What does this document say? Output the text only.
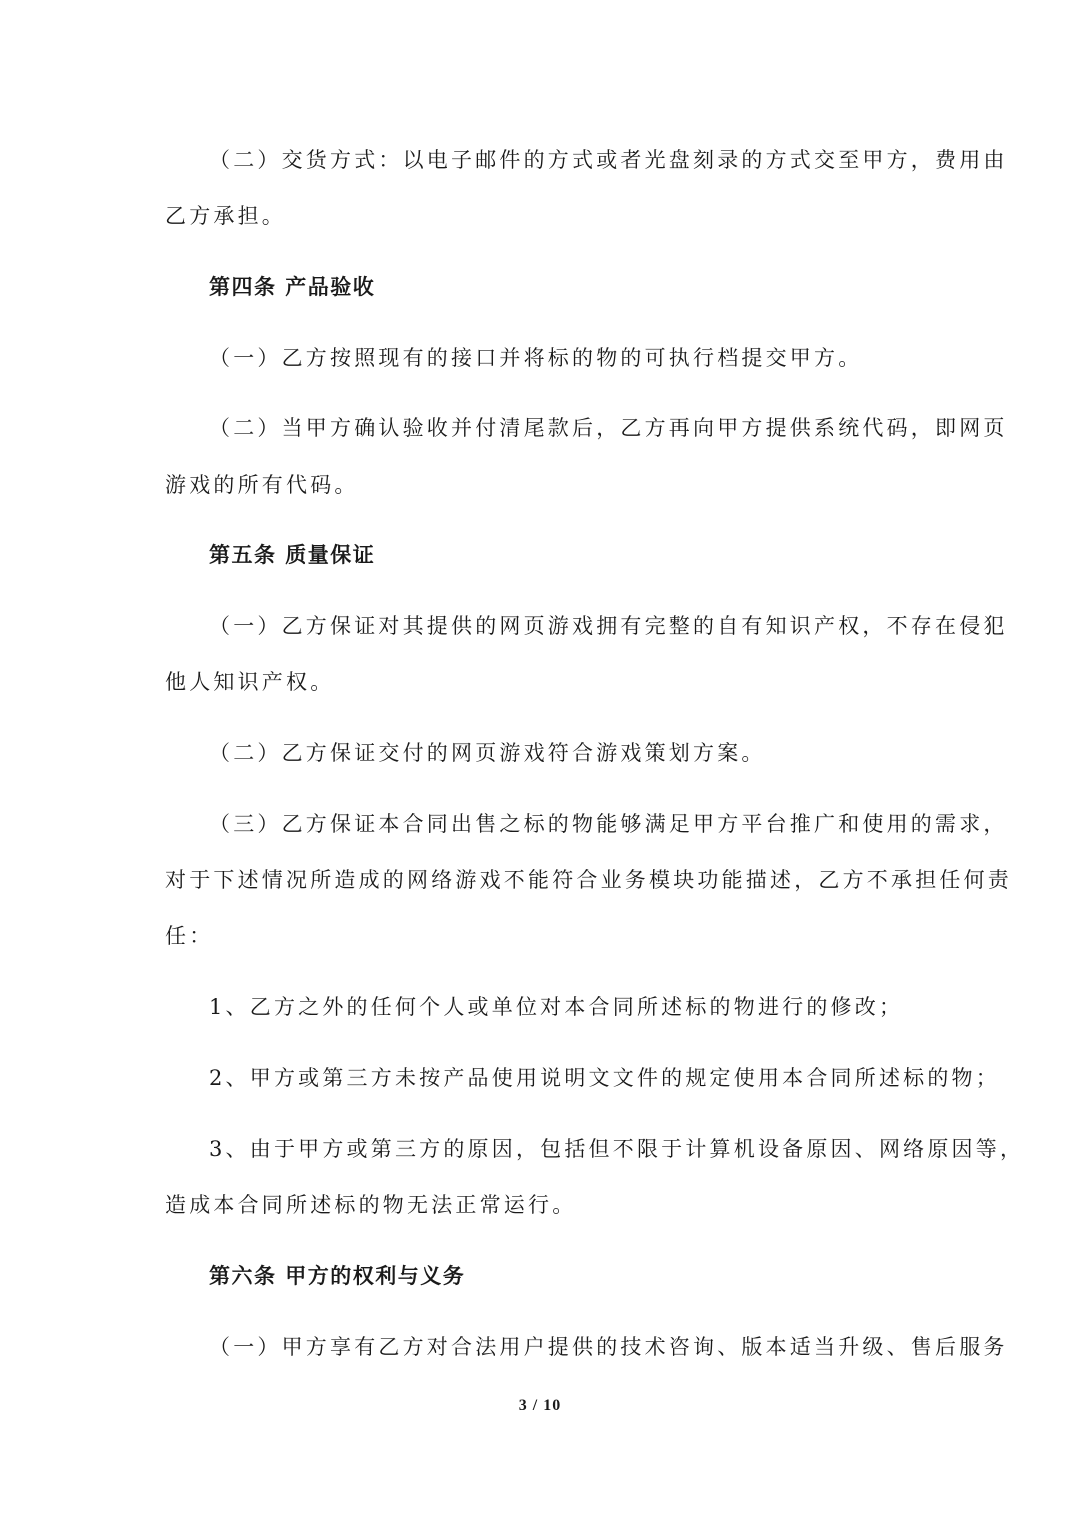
（二）交货方式：以电子邮件的方式或者光盘刻录的方式交至甲方，费用由
乙方承担。
第四条 产品验收
（一）乙方按照现有的接口并将标的物的可执行档提交甲方。
（二）当甲方确认验收并付清尾款后，乙方再向甲方提供系统代码，即网页
游戏的所有代码。
第五条 质量保证
（一）乙方保证对其提供的网页游戏拥有完整的自有知识产权，不存在侵犯
他人知识产权。
（二）乙方保证交付的网页游戏符合游戏策划方案。
（三）乙方保证本合同出售之标的物能够满足甲方平台推广和使用的需求，
对于下述情况所造成的网络游戏不能符合业务模块功能描述，乙方不承担任何责
任：
1、乙方之外的任何个人或单位对本合同所述标的物进行的修改；
2、甲方或第三方未按产品使用说明文文件的规定使用本合同所述标的物；
3、由于甲方或第三方的原因，包括但不限于计算机设备原因、网络原因等，
造成本合同所述标的物无法正常运行。
第六条 甲方的权利与义务
（一）甲方享有乙方对合法用户提供的技术咨询、版本适当升级、售后服务
3 / 10
